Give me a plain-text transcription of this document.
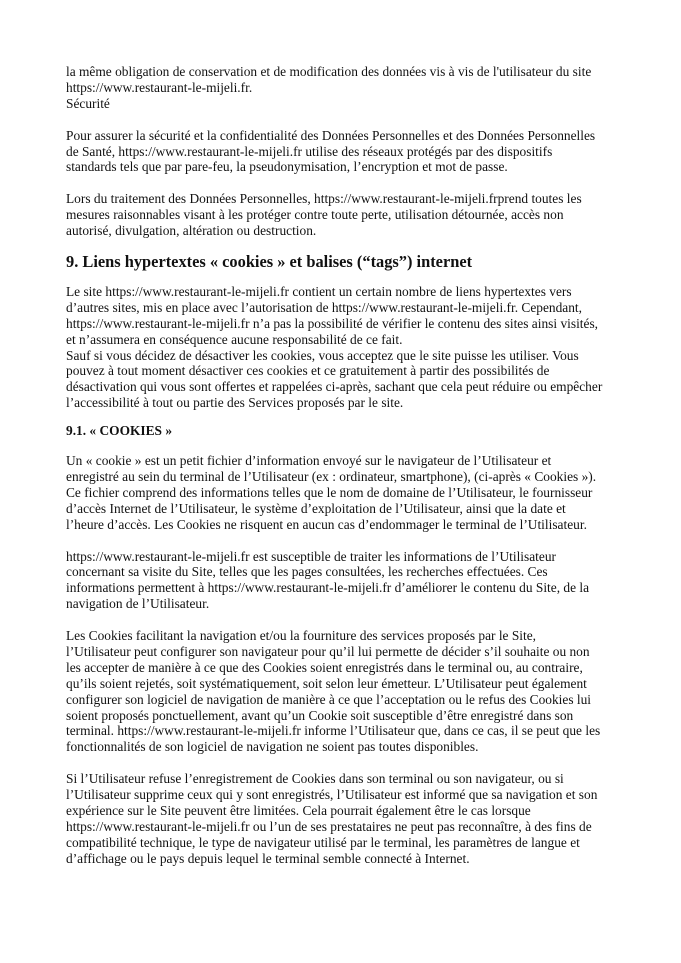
la même obligation de conservation et de modification des données vis à vis de l'utilisateur du site
https://www.restaurant-le-mijeli.fr.
Sécurité
Pour assurer la sécurité et la confidentialité des Données Personnelles et des Données Personnelles
de Santé, https://www.restaurant-le-mijeli.fr utilise des réseaux protégés par des dispositifs
standards tels que par pare-feu, la pseudonymisation, l’encryption et mot de passe.
Lors du traitement des Données Personnelles, https://www.restaurant-le-mijeli.frprend toutes les
mesures raisonnables visant à les protéger contre toute perte, utilisation détournée, accès non
autorisé, divulgation, altération ou destruction.
9. Liens hypertextes « cookies » et balises (“tags”) internet
Le site https://www.restaurant-le-mijeli.fr contient un certain nombre de liens hypertextes vers
d’autres sites, mis en place avec l’autorisation de https://www.restaurant-le-mijeli.fr. Cependant,
https://www.restaurant-le-mijeli.fr n’a pas la possibilité de vérifier le contenu des sites ainsi visités,
et n’assumera en conséquence aucune responsabilité de ce fait.
Sauf si vous décidez de désactiver les cookies, vous acceptez que le site puisse les utiliser. Vous
pouvez à tout moment désactiver ces cookies et ce gratuitement à partir des possibilités de
désactivation qui vous sont offertes et rappelées ci-après, sachant que cela peut réduire ou empêcher
l’accessibilité à tout ou partie des Services proposés par le site.
9.1. « COOKIES »
Un « cookie » est un petit fichier d’information envoyé sur le navigateur de l’Utilisateur et
enregistré au sein du terminal de l’Utilisateur (ex : ordinateur, smartphone), (ci-après « Cookies »).
Ce fichier comprend des informations telles que le nom de domaine de l’Utilisateur, le fournisseur
d’accès Internet de l’Utilisateur, le système d’exploitation de l’Utilisateur, ainsi que la date et
l’heure d’accès. Les Cookies ne risquent en aucun cas d’endommager le terminal de l’Utilisateur.
https://www.restaurant-le-mijeli.fr est susceptible de traiter les informations de l’Utilisateur
concernant sa visite du Site, telles que les pages consultées, les recherches effectuées. Ces
informations permettent à https://www.restaurant-le-mijeli.fr d’améliorer le contenu du Site, de la
navigation de l’Utilisateur.
Les Cookies facilitant la navigation et/ou la fourniture des services proposés par le Site,
l’Utilisateur peut configurer son navigateur pour qu’il lui permette de décider s’il souhaite ou non
les accepter de manière à ce que des Cookies soient enregistrés dans le terminal ou, au contraire,
qu’ils soient rejetés, soit systématiquement, soit selon leur émetteur. L’Utilisateur peut également
configurer son logiciel de navigation de manière à ce que l’acceptation ou le refus des Cookies lui
soient proposés ponctuellement, avant qu’un Cookie soit susceptible d’être enregistré dans son
terminal. https://www.restaurant-le-mijeli.fr informe l’Utilisateur que, dans ce cas, il se peut que les
fonctionnalités de son logiciel de navigation ne soient pas toutes disponibles.
Si l’Utilisateur refuse l’enregistrement de Cookies dans son terminal ou son navigateur, ou si
l’Utilisateur supprime ceux qui y sont enregistrés, l’Utilisateur est informé que sa navigation et son
expérience sur le Site peuvent être limitées. Cela pourrait également être le cas lorsque
https://www.restaurant-le-mijeli.fr ou l’un de ses prestataires ne peut pas reconnaître, à des fins de
compatibilité technique, le type de navigateur utilisé par le terminal, les paramètres de langue et
d’affichage ou le pays depuis lequel le terminal semble connecté à Internet.
